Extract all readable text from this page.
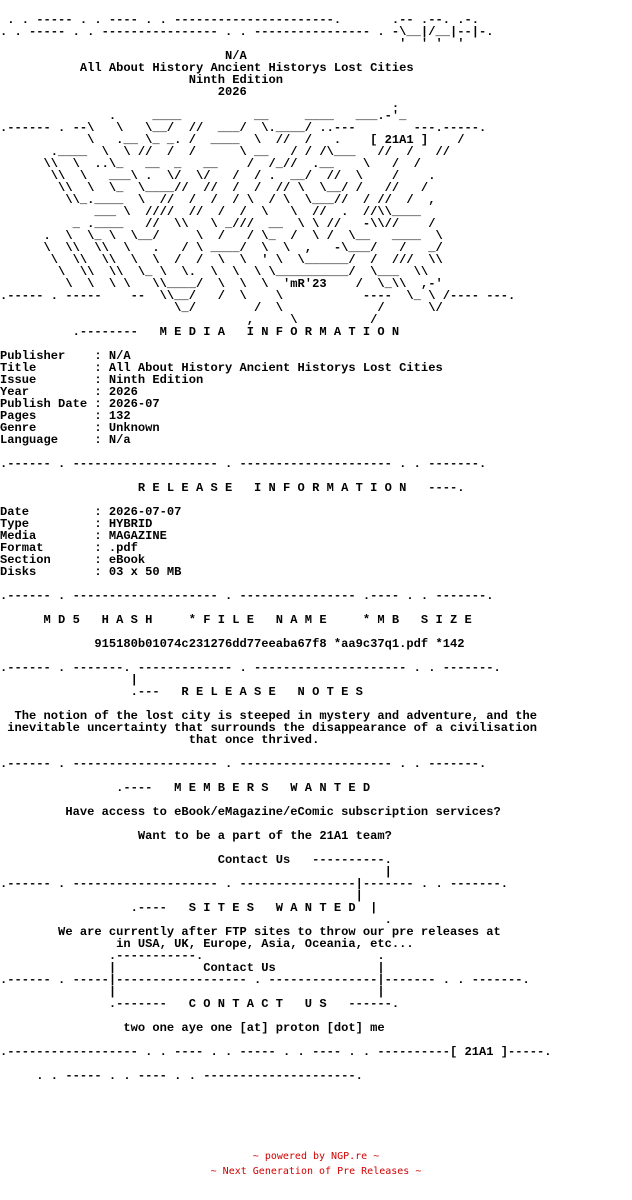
. . ----- . . ---- . . ----------------------.       .-- .--. .-.
. . ----- . . ---------------- . . ---------------- . -\__|/__|--|-.
'  ' '  '
N/A
All About History Ancient Historys Lost Cities
Ninth Edition
2026
.
.     ____          __     ____   ___.-'_
.------ . --\   \   \__/  //  ___/  \.____/ ..---        ---.-----.
\   .__ \_ _. /  ____  \  //  /   .    [ 21A1 ]    /
.____  \  \ //  /  /      \ __   / / /\___   //  /   //
\\  \  ..\_   __  _   __    /  /_//  .__    \   /  /
\\  \   ___\ .  \/  \/   /  / .  __/  //  \    /    .
\\  \  \_  \____//  //  /  /  // \  \__/ /   //   /
\\_.____  \  //  /  /  / \  / \  \___//  / //  /  ,
___ \  ////  //  /  /  \   \  //  .  //\\____
_ .____   //  \\   \ _///  __  \ \ //   -\\//    /
.  \  \_ \  \__/     \  /   / \_  /  \ /  \__   ____  \
\  \\  \\  \   .   / \ ____/  \  \  ,   -\___/   /   _/
\  \\  \\  \  \  /  /  \  \  ' \  \______/  /  ///  \\
\  \\  \\  \_ \  \.  \  \  \ \__________/  \___  \\
\  \  \ \   \\____/  \  \  \  'mR'23    /  \_\\  ,-'
.----- . -----    --  \\__/   /  \    \           ----  \_ \ /---- ---.
\_/        /  \             /      \/
,     \          /
.--------   M E D I A   I N F O R M A T I O N

Publisher    : N/A
Title        : All About History Ancient Historys Lost Cities
Issue        : Ninth Edition
Year         : 2026
Publish Date : 2026-07
Pages        : 132
Genre        : Unknown
Language     : N/a

.------ . -------------------- . --------------------- . . -------.

R E L E A S E   I N F O R M A T I O N   ----.

Date         : 2026-07-07
Type         : HYBRID
Media        : MAGAZINE
Format       : .pdf
Section      : eBook
Disks        : 03 x 50 MB

.------ . -------------------- . ---------------- .---- . . -------.

M D 5   H A S H     * F I L E   N A M E     * M B   S I Z E

915180b01074c231276dd77eeaba67f8 *aa9c37q1.pdf *142

.------ . -------. ------------- . --------------------- . . -------.
|
.---   R E L E A S E   N O T E S

The notion of the lost city is steeped in mystery and adventure, and the
inevitable uncertainty that surrounds the disappearance of a civilisation
that once thrived.

.------ . -------------------- . --------------------- . . -------.

.----   M E M B E R S   W A N T E D

Have access to eBook/eMagazine/eComic subscription services?

Want to be a part of the 21A1 team?

Contact Us   ----------.
|
.------ . -------------------- . ----------------|------- . . -------.
|
.----   S I T E S   W A N T E D  |
.
We are currently after FTP sites to throw our pre releases at
in USA, UK, Europe, Asia, Oceania, etc...
.-----------.                        .
|            Contact Us              |
.------ . -----|------------------ . ---------------|------- . . -------.
|                                    |
.-------   C O N T A C T   U S   ------.

two one aye one [at] proton [dot] me

.------------------ . . ---- . . ----- . . ---- . . ----------[ 21A1 ]-----.

. . ----- . . ---- . . ---------------------.
~ powered by NGP.re ~
~ Next Generation of Pre Releases ~
